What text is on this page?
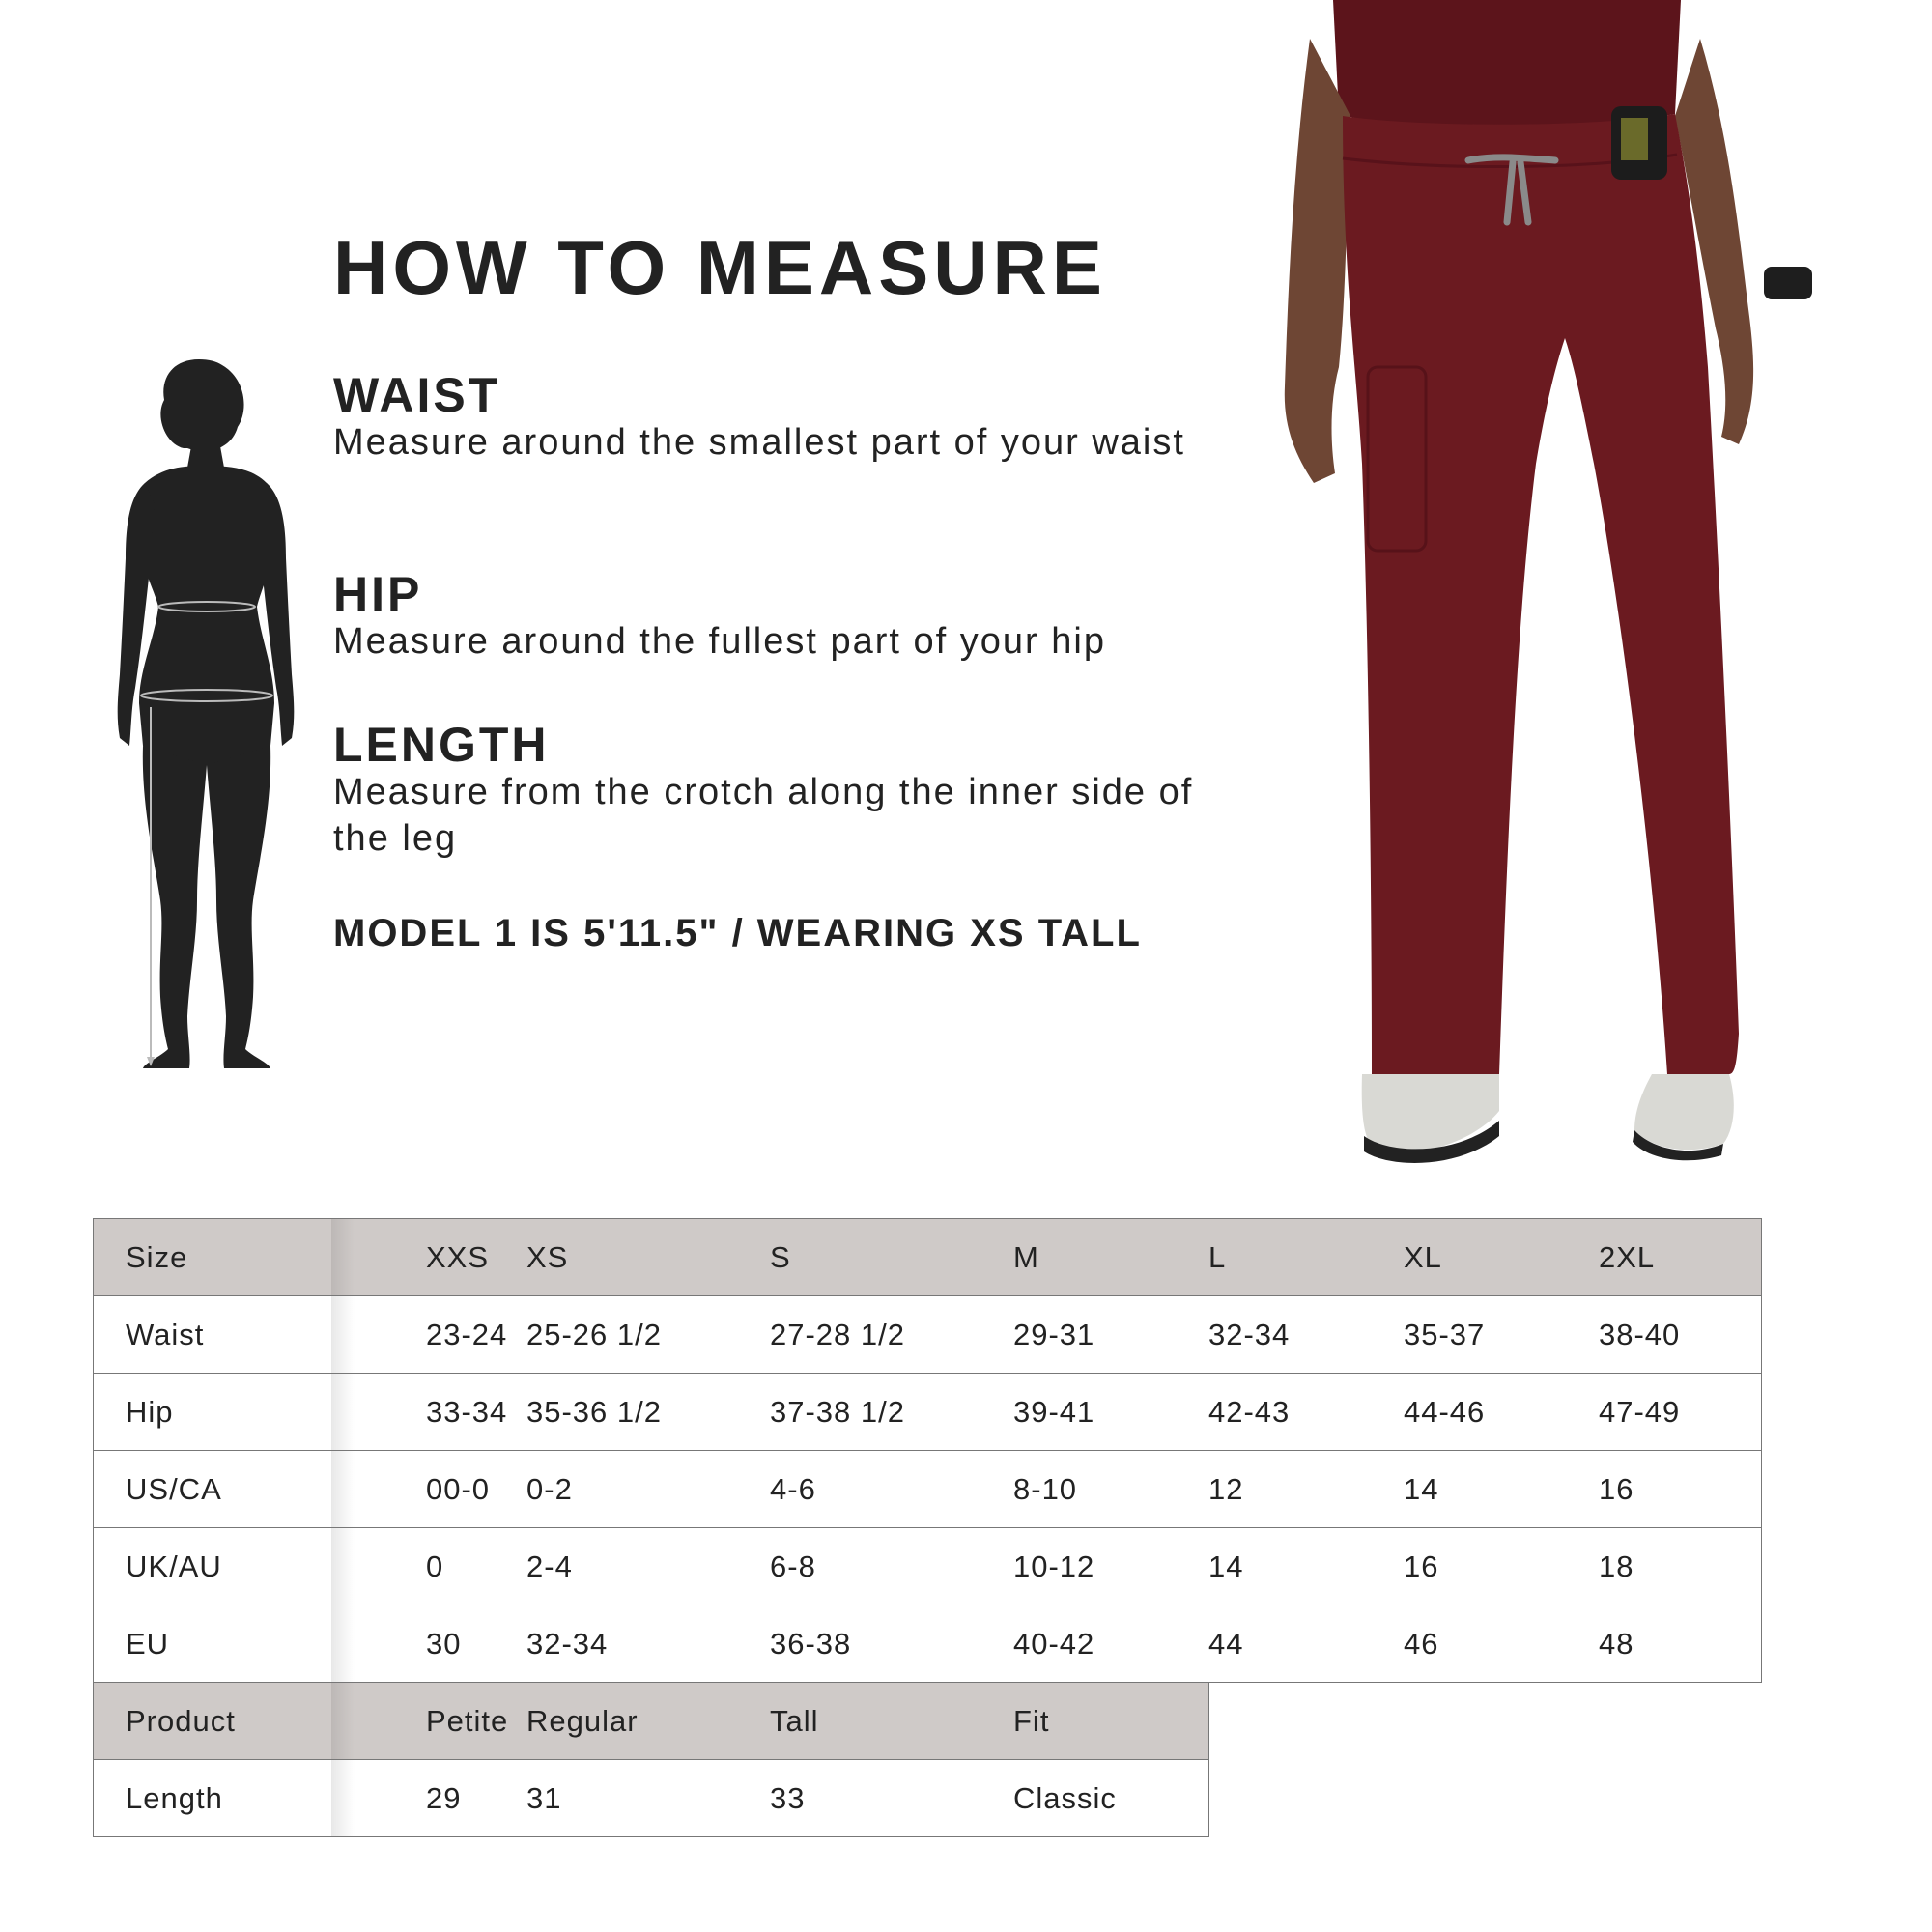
HOW TO MEASURE
WAIST
Measure around the smallest part of your waist
HIP
Measure around the fullest part of your hip
LENGTH
Measure from the crotch along the inner side of the leg
MODEL 1 IS 5'11.5" / WEARING XS TALL
Size	XXS	XS	S	M	L	XL	2XL
Waist	23-24	25-26 1/2	27-28 1/2	29-31	32-34	35-37	38-40
Hip	33-34	35-36 1/2	37-38 1/2	39-41	42-43	44-46	47-49
US/CA	00-0	0-2	4-6	8-10	12	14	16
UK/AU	0	2-4	6-8	10-12	14	16	18
EU	30	32-34	36-38	40-42	44	46	48
Product	Petite	Regular	Tall	Fit			
Length	29	31	33	Classic			
